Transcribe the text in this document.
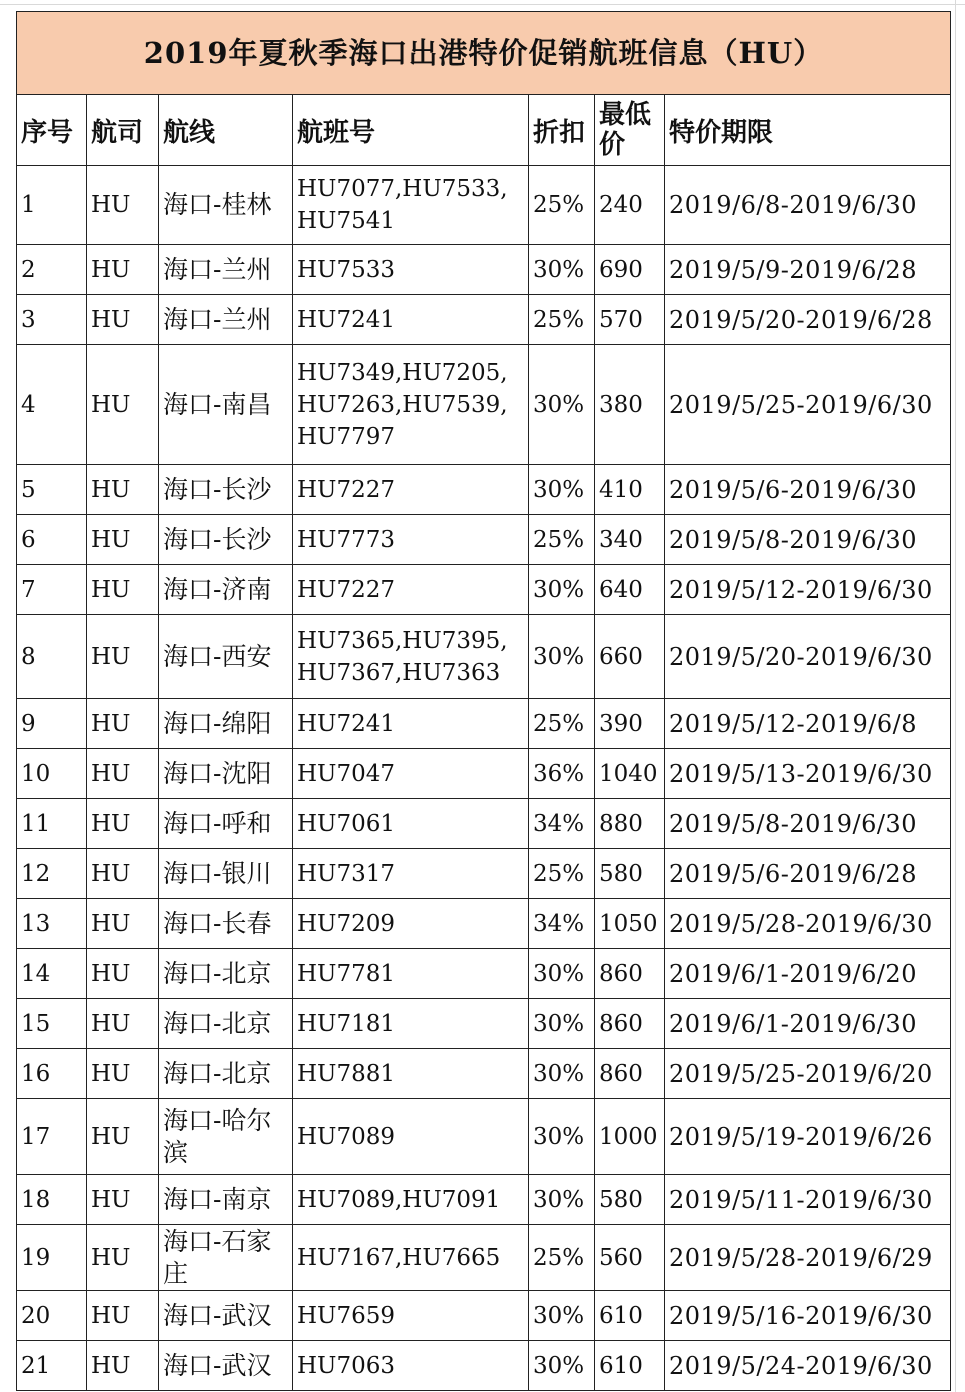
2019年夏秋季海口出港特价促销航班信息（HU）						
序号	航司	航线	航班号	折扣	最低价	特价期限
1	HU	海口-桂林	HU7077,HU7533,HU7541	25%	240	2019/6/8-2019/6/30
2	HU	海口-兰州	HU7533	30%	690	2019/5/9-2019/6/28
3	HU	海口-兰州	HU7241	25%	570	2019/5/20-2019/6/28
4	HU	海口-南昌	HU7349,HU7205,HU7263,HU7539,HU7797	30%	380	2019/5/25-2019/6/30
5	HU	海口-长沙	HU7227	30%	410	2019/5/6-2019/6/30
6	HU	海口-长沙	HU7773	25%	340	2019/5/8-2019/6/30
7	HU	海口-济南	HU7227	30%	640	2019/5/12-2019/6/30
8	HU	海口-西安	HU7365,HU7395,HU7367,HU7363	30%	660	2019/5/20-2019/6/30
9	HU	海口-绵阳	HU7241	25%	390	2019/5/12-2019/6/8
10	HU	海口-沈阳	HU7047	36%	1040	2019/5/13-2019/6/30
11	HU	海口-呼和	HU7061	34%	880	2019/5/8-2019/6/30
12	HU	海口-银川	HU7317	25%	580	2019/5/6-2019/6/28
13	HU	海口-长春	HU7209	34%	1050	2019/5/28-2019/6/30
14	HU	海口-北京	HU7781	30%	860	2019/6/1-2019/6/20
15	HU	海口-北京	HU7181	30%	860	2019/6/1-2019/6/30
16	HU	海口-北京	HU7881	30%	860	2019/5/25-2019/6/20
17	HU	海口-哈尔滨	HU7089	30%	1000	2019/5/19-2019/6/26
18	HU	海口-南京	HU7089,HU7091	30%	580	2019/5/11-2019/6/30
19	HU	海口-石家庄	HU7167,HU7665	25%	560	2019/5/28-2019/6/29
20	HU	海口-武汉	HU7659	30%	610	2019/5/16-2019/6/30
21	HU	海口-武汉	HU7063	30%	610	2019/5/24-2019/6/30
